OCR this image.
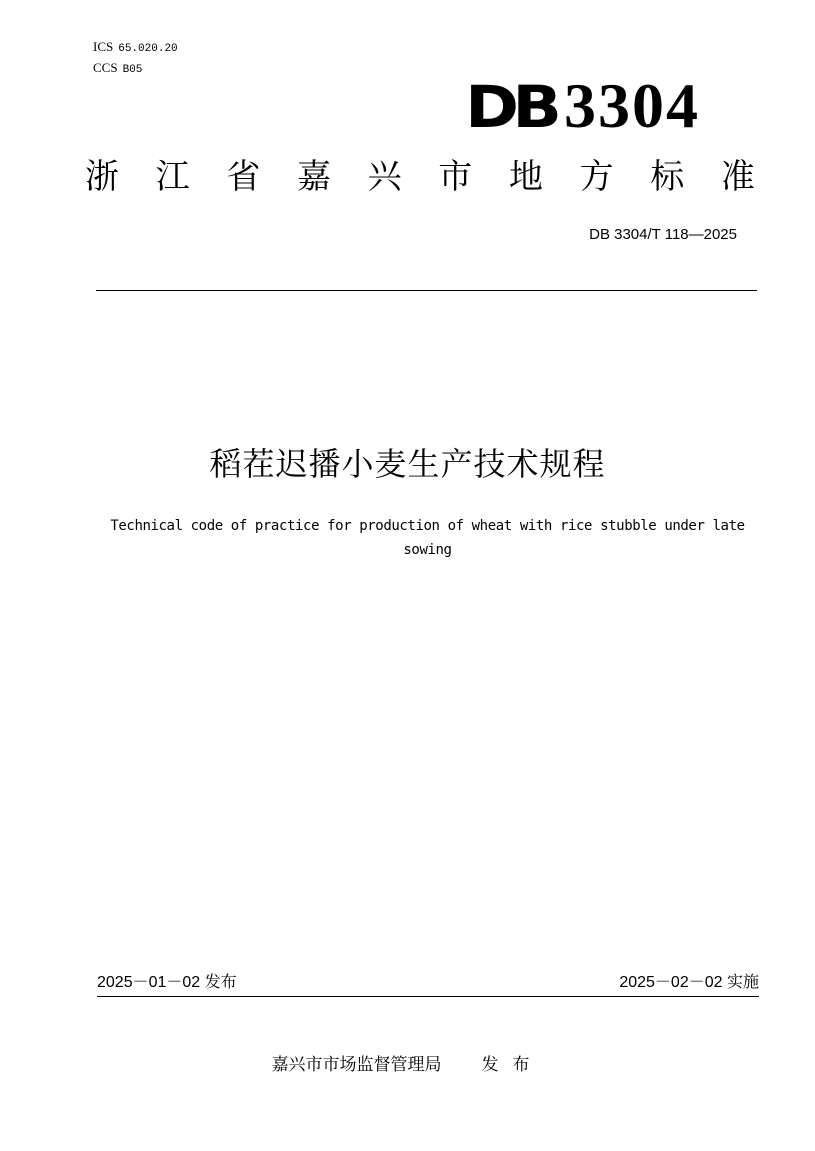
ICS 65.020.20
CCS B05
DB 3304
浙 江 省 嘉 兴 市 地 方 标 准
DB 3304/T 118—2025
稻茬迟播小麦生产技术规程
Technical code of practice for production of wheat with rice stubble under late sowing
2025－01－02 发布	2025－02－02 实施
嘉兴市市场监督管理局 发布
